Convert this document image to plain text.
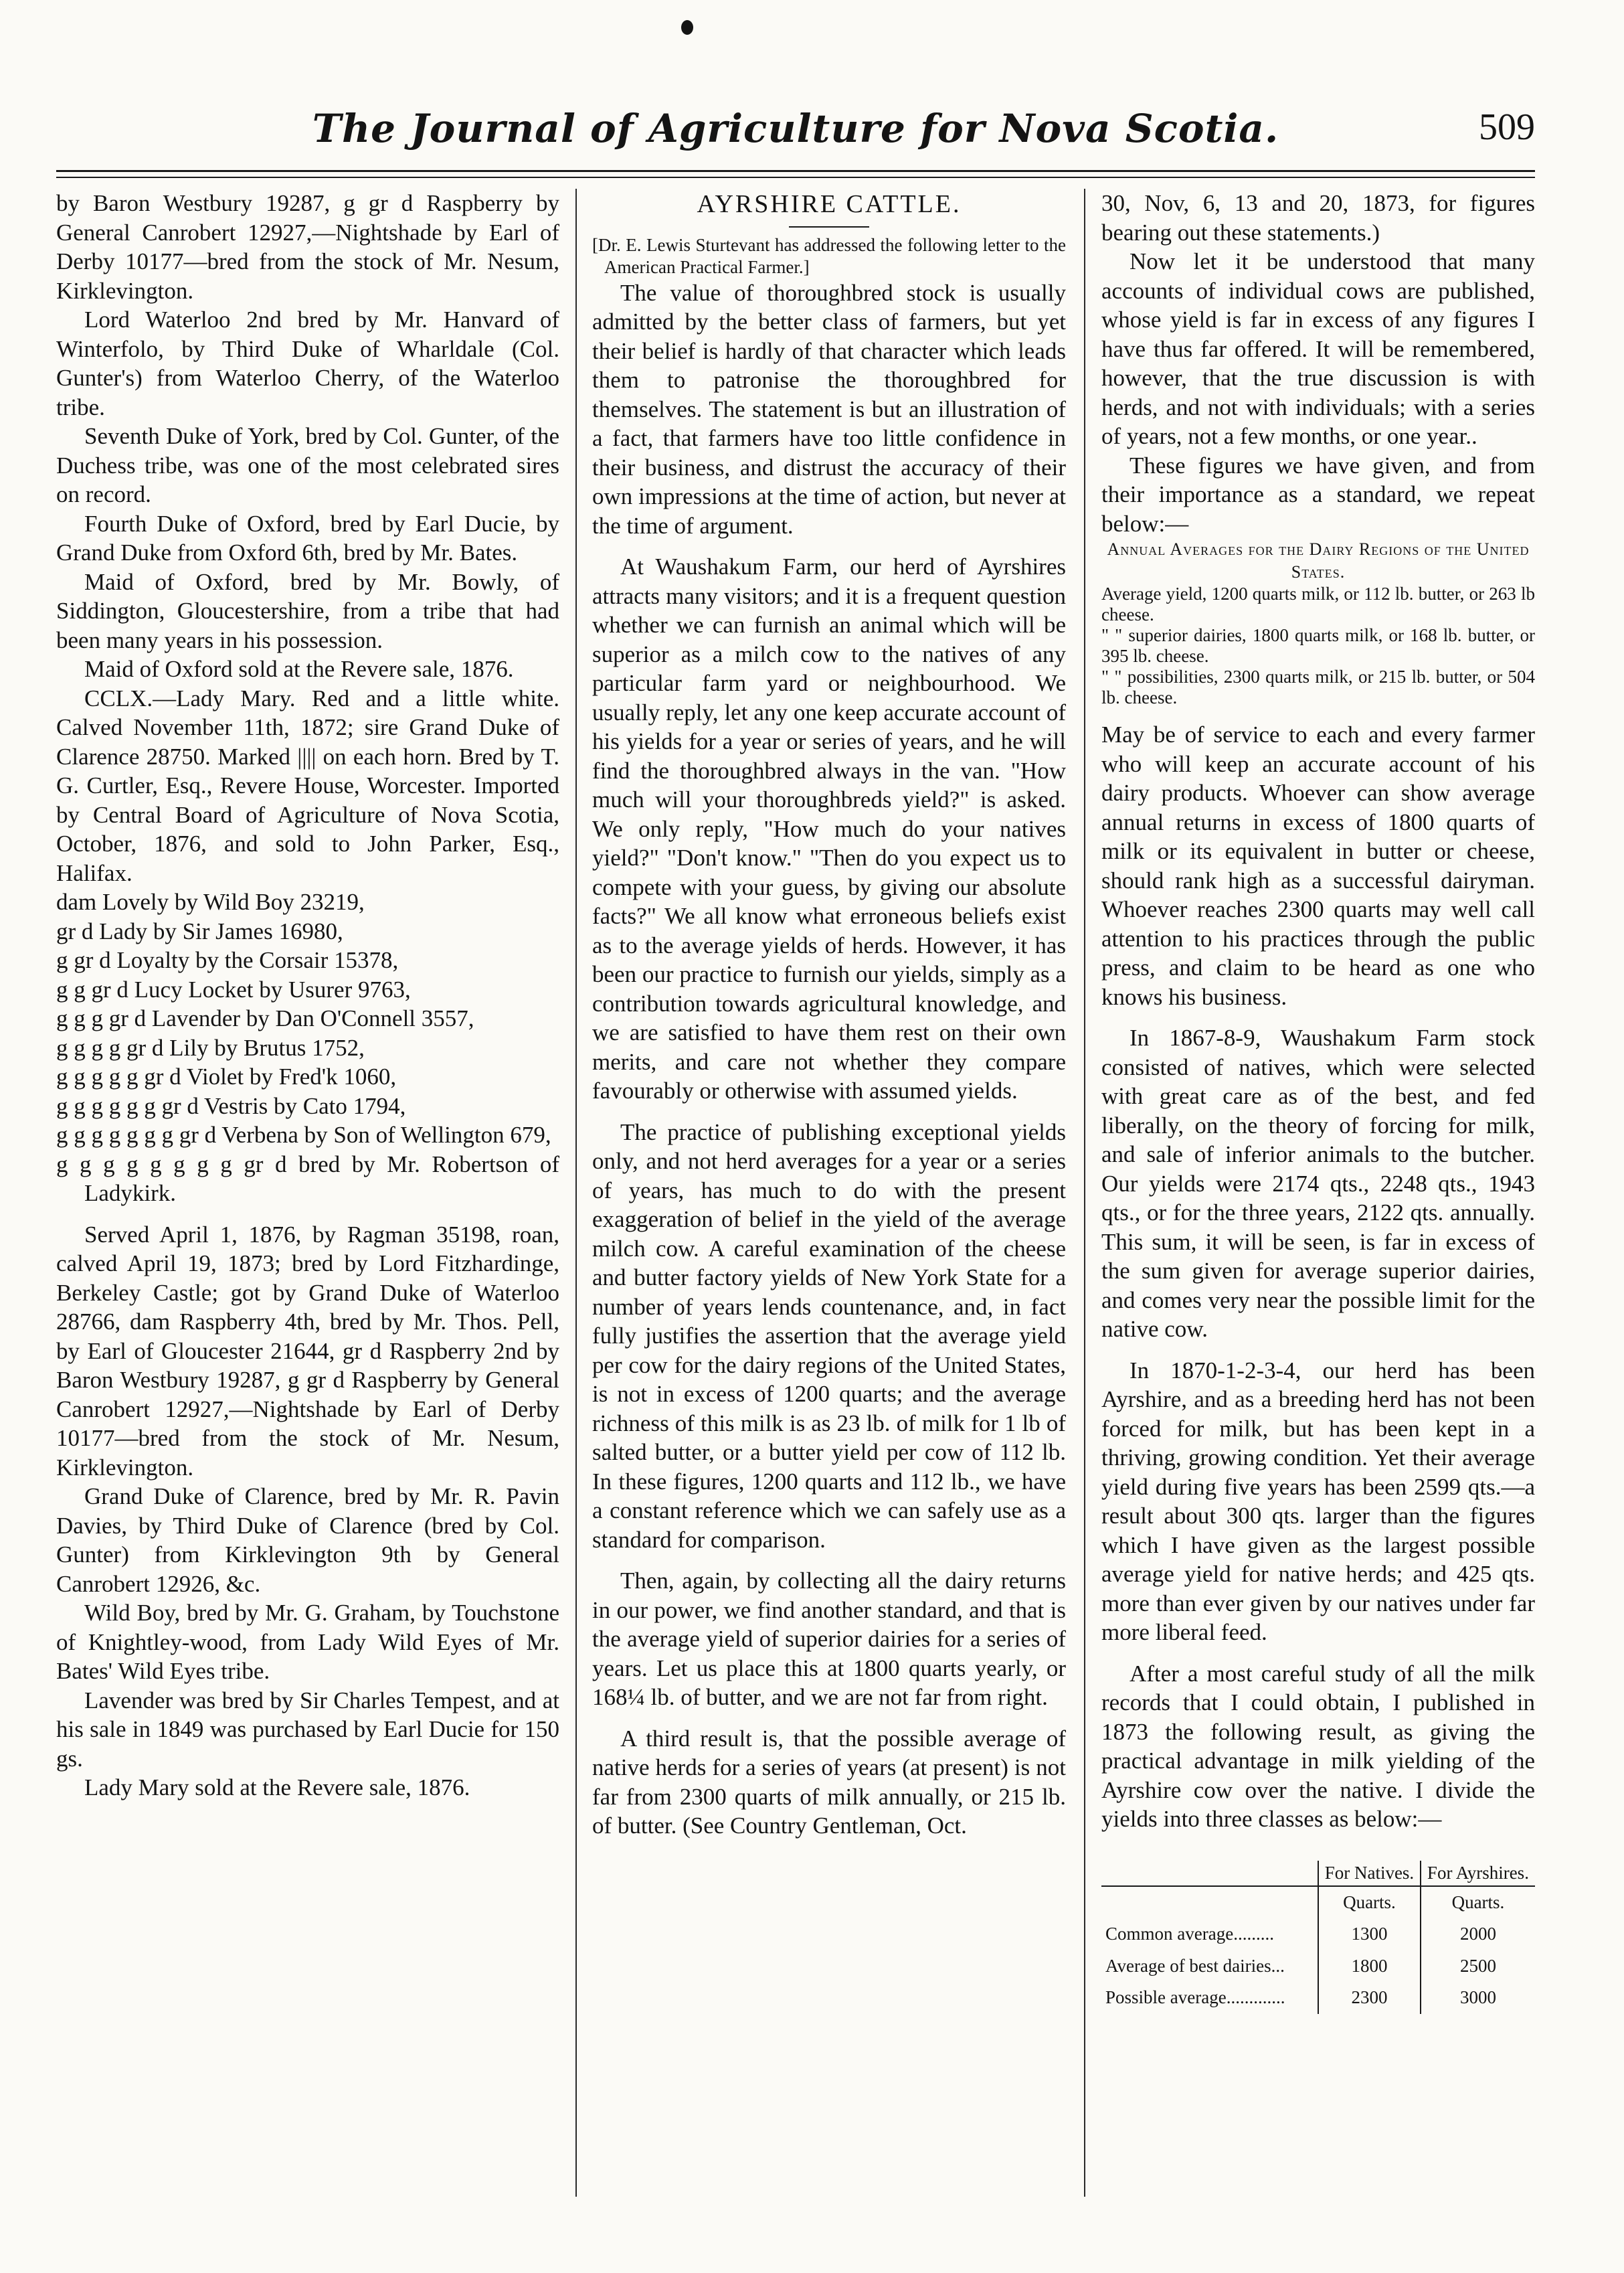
The Journal of Agriculture for Nova Scotia.	509

by Baron Westbury 19287, g gr d Raspberry by General Canrobert 12927,—Nightshade by Earl of Derby 10177—bred from the stock of Mr. Nesum, Kirklevington.

Lord Waterloo 2nd bred by Mr. Hanvard of Winterfolo, by Third Duke of Wharldale (Col. Gunter's) from Waterloo Cherry, of the Waterloo tribe.

Seventh Duke of York, bred by Col. Gunter, of the Duchess tribe, was one of the most celebrated sires on record.

Fourth Duke of Oxford, bred by Earl Ducie, by Grand Duke from Oxford 6th, bred by Mr. Bates.

Maid of Oxford, bred by Mr. Bowly, of Siddington, Gloucestershire, from a tribe that had been many years in his possession.

Maid of Oxford sold at the Revere sale, 1876.

CCLX.—Lady Mary. Red and a little white. Calved November 11th, 1872; sire Grand Duke of Clarence 28750. Marked |||| on each horn. Bred by T. G. Curtler, Esq., Revere House, Worcester. Imported by Central Board of Agriculture of Nova Scotia, October, 1876, and sold to John Parker, Esq., Halifax.

dam Lovely by Wild Boy 23219,

gr d Lady by Sir James 16980,

g gr d Loyalty by the Corsair 15378,

g g gr d Lucy Locket by Usurer 9763,

g g g gr d Lavender by Dan O'Connell 3557,

g g g g gr d Lily by Brutus 1752,

g g g g g gr d Violet by Fred'k 1060,

g g g g g g gr d Vestris by Cato 1794,

g g g g g g g gr d Verbena by Son of Wellington 679,

g g g g g g g g gr d bred by Mr. Robertson of Ladykirk.

Served April 1, 1876, by Ragman 35198, roan, calved April 19, 1873; bred by Lord Fitzhardinge, Berkeley Castle; got by Grand Duke of Waterloo 28766, dam Raspberry 4th, bred by Mr. Thos. Pell, by Earl of Gloucester 21644, gr d Raspberry 2nd by Baron Westbury 19287, g gr d Raspberry by General Canrobert 12927,—Nightshade by Earl of Derby 10177—bred from the stock of Mr. Nesum, Kirklevington.

Grand Duke of Clarence, bred by Mr. R. Pavin Davies, by Third Duke of Clarence (bred by Col. Gunter) from Kirklevington 9th by General Canrobert 12926, &c.

Wild Boy, bred by Mr. G. Graham, by Touchstone of Knightley-wood, from Lady Wild Eyes of Mr. Bates' Wild Eyes tribe.

Lavender was bred by Sir Charles Tempest, and at his sale in 1849 was purchased by Earl Ducie for 150 gs.

Lady Mary sold at the Revere sale, 1876.

AYRSHIRE CATTLE.

[Dr. E. Lewis Sturtevant has addressed the following letter to the American Practical Farmer.]

The value of thoroughbred stock is usually admitted by the better class of farmers, but yet their belief is hardly of that character which leads them to patronise the thoroughbred for themselves. The statement is but an illustration of a fact, that farmers have too little confidence in their business, and distrust the accuracy of their own impressions at the time of action, but never at the time of argument.

At Waushakum Farm, our herd of Ayrshires attracts many visitors; and it is a frequent question whether we can furnish an animal which will be superior as a milch cow to the natives of any particular farm yard or neighbourhood. We usually reply, let any one keep accurate account of his yields for a year or series of years, and he will find the thoroughbred always in the van. "How much will your thoroughbreds yield?" is asked. We only reply, "How much do your natives yield?" "Don't know." "Then do you expect us to compete with your guess, by giving our absolute facts?" We all know what erroneous beliefs exist as to the average yields of herds. However, it has been our practice to furnish our yields, simply as a contribution towards agricultural knowledge, and we are satisfied to have them rest on their own merits, and care not whether they compare favourably or otherwise with assumed yields.

The practice of publishing exceptional yields only, and not herd averages for a year or a series of years, has much to do with the present exaggeration of belief in the yield of the average milch cow. A careful examination of the cheese and butter factory yields of New York State for a number of years lends countenance, and, in fact fully justifies the assertion that the average yield per cow for the dairy regions of the United States, is not in excess of 1200 quarts; and the average richness of this milk is as 23 lb. of milk for 1 lb of salted butter, or a butter yield per cow of 112 lb. In these figures, 1200 quarts and 112 lb., we have a constant reference which we can safely use as a standard for comparison.

Then, again, by collecting all the dairy returns in our power, we find another standard, and that is the average yield of superior dairies for a series of years. Let us place this at 1800 quarts yearly, or 168¼ lb. of butter, and we are not far from right.

A third result is, that the possible average of native herds for a series of years (at present) is not far from 2300 quarts of milk annually, or 215 lb. of butter. (See Country Gentleman, Oct.

30, Nov, 6, 13 and 20, 1873, for figures bearing out these statements.)

Now let it be understood that many accounts of individual cows are published, whose yield is far in excess of any figures I have thus far offered. It will be remembered, however, that the true discussion is with herds, and not with individuals; with a series of years, not a few months, or one year..

These figures we have given, and from their importance as a standard, we repeat below:—

Annual Averages for the Dairy Regions of the United States.

Average yield, 1200 quarts milk, or 112 lb. butter, or 263 lb cheese.

" " superior dairies, 1800 quarts milk, or 168 lb. butter, or 395 lb. cheese.

" " possibilities, 2300 quarts milk, or 215 lb. butter, or 504 lb. cheese.

May be of service to each and every farmer who will keep an accurate account of his dairy products. Whoever can show average annual returns in excess of 1800 quarts of milk or its equivalent in butter or cheese, should rank high as a successful dairyman. Whoever reaches 2300 quarts may well call attention to his practices through the public press, and claim to be heard as one who knows his business.

In 1867-8-9, Waushakum Farm stock consisted of natives, which were selected with great care as of the best, and fed liberally, on the theory of forcing for milk, and sale of inferior animals to the butcher. Our yields were 2174 qts., 2248 qts., 1943 qts., or for the three years, 2122 qts. annually. This sum, it will be seen, is far in excess of the sum given for average superior dairies, and comes very near the possible limit for the native cow.

In 1870-1-2-3-4, our herd has been Ayrshire, and as a breeding herd has not been forced for milk, but has been kept in a thriving, growing condition. Yet their average yield during five years has been 2599 qts.—a result about 300 qts. larger than the figures which I have given as the largest possible average yield for native herds; and 425 qts. more than ever given by our natives under far more liberal feed.

After a most careful study of all the milk records that I could obtain, I published in 1873 the following result, as giving the practical advantage in milk yielding of the Ayrshire cow over the native. I divide the yields into three classes as below:—

	For Natives.	For Ayrshires.
	Quarts.	Quarts.
Common average.........	1300	2000
Average of best dairies...	1800	2500
Possible average.............	2300	3000
